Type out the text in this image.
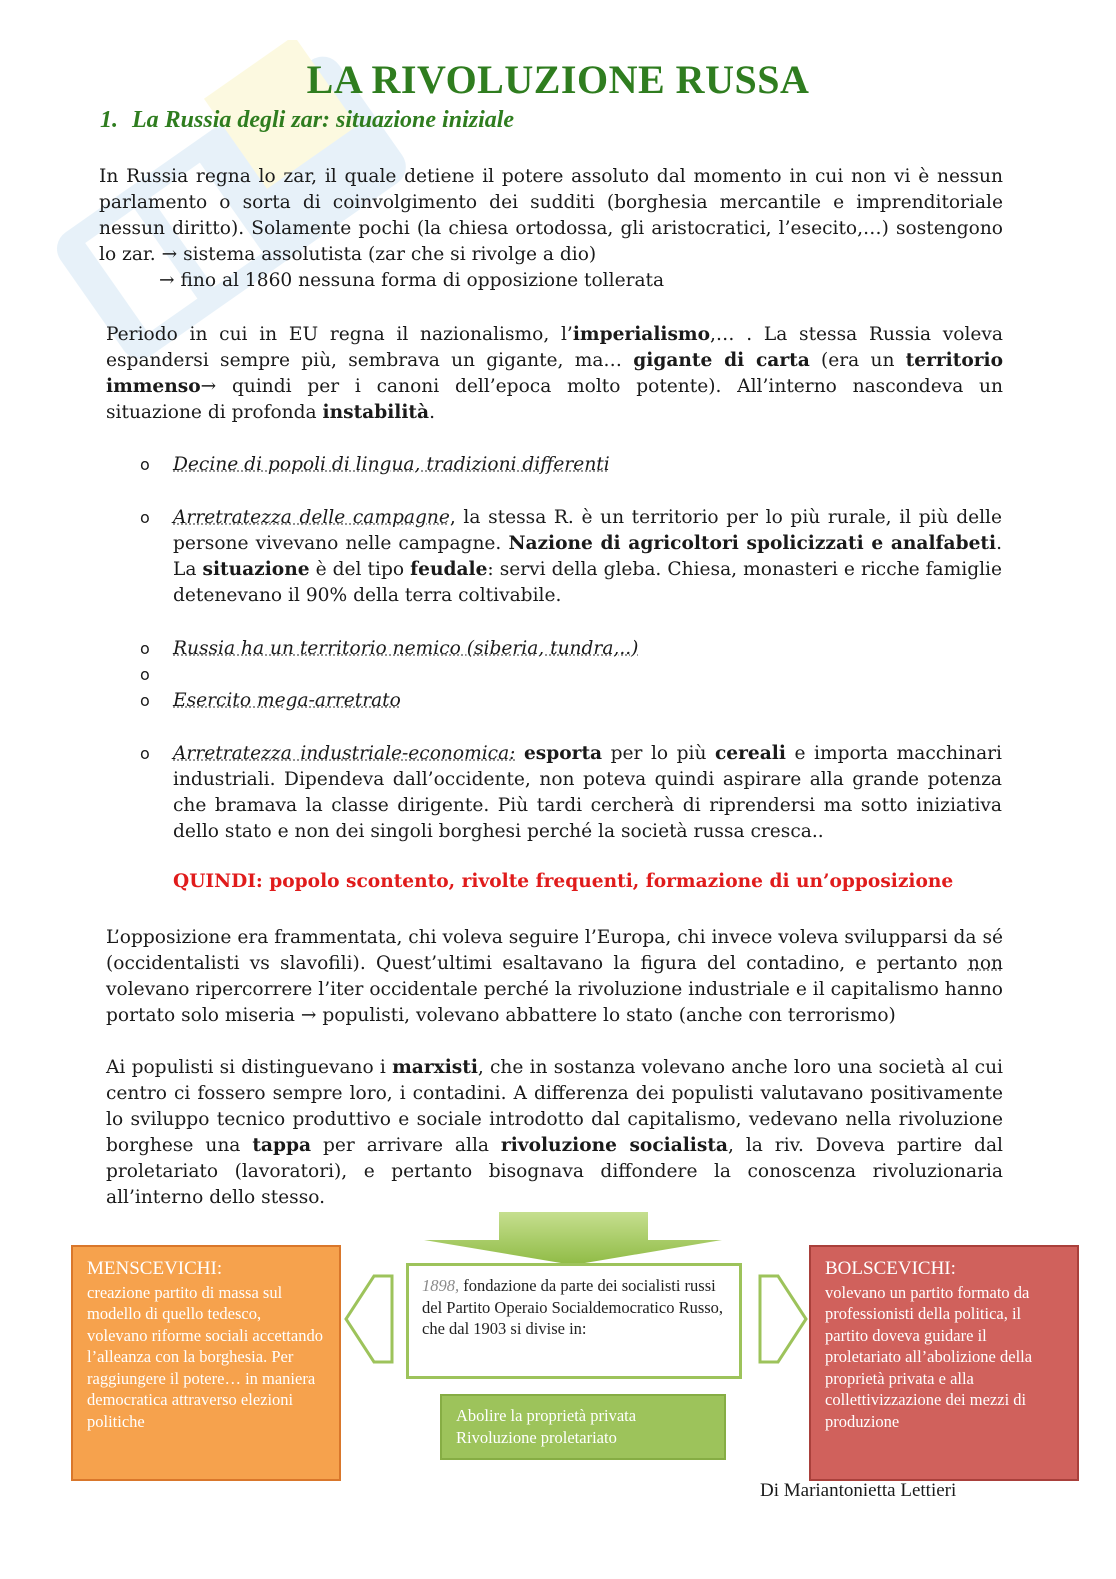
LA RIVOLUZIONE RUSSA
1. La Russia degli zar: situazione iniziale

In Russia regna lo zar, il quale detiene il potere assoluto dal momento in cui non vi è nessun parlamento o sorta di coinvolgimento dei sudditi (borghesia mercantile e imprenditoriale nessun diritto). Solamente pochi (la chiesa ortodossa, gli aristocratici, l’esecito,…) sostengono lo zar. → sistema assolutista (zar che si rivolge a dio)
→ fino al 1860 nessuna forma di opposizione tollerata

Periodo in cui in EU regna il nazionalismo, l’imperialismo,… . La stessa Russia voleva espandersi sempre più, sembrava un gigante, ma… gigante di carta (era un territorio immenso→ quindi per i canoni dell’epoca molto potente). All’interno nascondeva un situazione di profonda instabilità.

o Decine di popoli di lingua, tradizioni differenti
o Arretratezza delle campagne, la stessa R. è un territorio per lo più rurale, il più delle persone vivevano nelle campagne. Nazione di agricoltori spolicizzati e analfabeti. La situazione è del tipo feudale: servi della gleba. Chiesa, monasteri e ricche famiglie detenevano il 90% della terra coltivabile.
o Russia ha un territorio nemico (siberia, tundra,..)
o
o Esercito mega-arretrato
o Arretratezza industriale-economica: esporta per lo più cereali e importa macchinari industriali. Dipendeva dall’occidente, non poteva quindi aspirare alla grande potenza che bramava la classe dirigente. Più tardi cercherà di riprendersi ma sotto iniziativa dello stato e non dei singoli borghesi perché la società russa cresca..

QUINDI: popolo scontento, rivolte frequenti, formazione di un’opposizione

L’opposizione era frammentata, chi voleva seguire l’Europa, chi invece voleva svilupparsi da sé (occidentalisti vs slavofili). Quest’ultimi esaltavano la figura del contadino, e pertanto non volevano ripercorrere l’iter occidentale perché la rivoluzione industriale e il capitalismo hanno portato solo miseria → populisti, volevano abbattere lo stato (anche con terrorismo)

Ai populisti si distinguevano i marxisti, che in sostanza volevano anche loro una società al cui centro ci fossero sempre loro, i contadini. A differenza dei populisti valutavano positivamente lo sviluppo tecnico produttivo e sociale introdotto dal capitalismo, vedevano nella rivoluzione borghese una tappa per arrivare alla rivoluzione socialista, la riv. Doveva partire dal proletariato (lavoratori), e pertanto bisognava diffondere la conoscenza rivoluzionaria all’interno dello stesso.

MENSCEVICHI:
creazione partito di massa sul modello di quello tedesco, volevano riforme sociali accettando l’alleanza con la borghesia. Per raggiungere il potere… in maniera democratica attraverso elezioni politiche
1898, fondazione da parte dei socialisti russi del Partito Operaio Socialdemocratico Russo, che dal 1903 si divise in:
Abolire la proprietà privata
Rivoluzione proletariato
BOLSCEVICHI:
volevano un partito formato da professionisti della politica, il partito doveva guidare il proletariato all’abolizione della proprietà privata e alla collettivizzazione dei mezzi di produzione
Di Mariantonietta Lettieri
